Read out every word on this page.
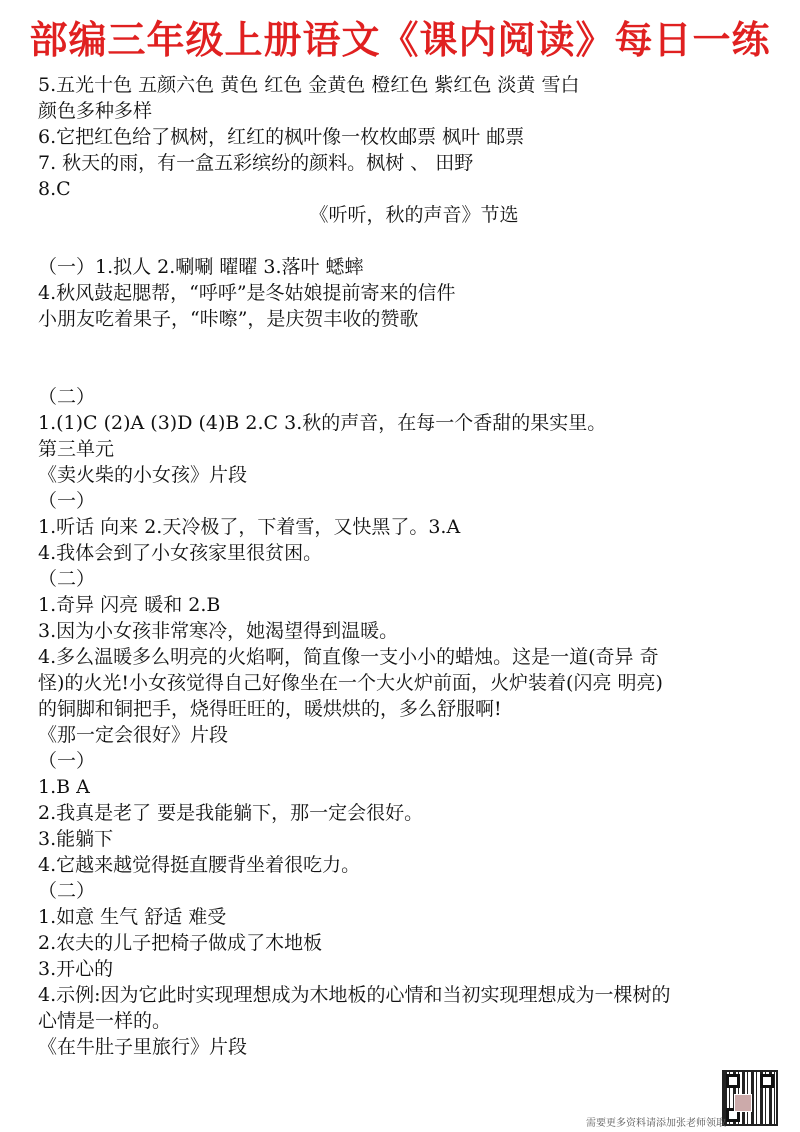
部编三年级上册语文《课内阅读》每日一练
5.五光十色 五颜六色 黄色 红色 金黄色 橙红色 紫红色 淡黄 雪白
颜色多种多样
6.它把红色给了枫树，红红的枫叶像一枚枚邮票 枫叶 邮票
7. 秋天的雨，有一盒五彩缤纷的颜料。枫树 、 田野
8.C
《听听，秋的声音》节选
（一）1.拟人 2.唰唰 曜曜 3.落叶 蟋蟀
4.秋风鼓起腮帮，“呼呼”是冬姑娘提前寄来的信件
小朋友吃着果子，“咔嚓”，是庆贺丰收的赞歌
（二）
1.(1)C (2)A (3)D (4)B 2.C 3.秋的声音，在每一个香甜的果实里。
第三单元
《卖火柴的小女孩》片段
（一）
1.听话 向来 2.天冷极了，下着雪，又快黑了。3.A
4.我体会到了小女孩家里很贫困。
（二）
1.奇异 闪亮 暖和 2.B
3.因为小女孩非常寒冷，她渴望得到温暖。
4.多么温暖多么明亮的火焰啊，简直像一支小小的蜡烛。这是一道(奇异 奇
怪)的火光!小女孩觉得自己好像坐在一个大火炉前面，火炉装着(闪亮 明亮)
的铜脚和铜把手，烧得旺旺的，暖烘烘的，多么舒服啊!
《那一定会很好》片段
（一）
1.B A
2.我真是老了 要是我能躺下，那一定会很好。
3.能躺下
4.它越来越觉得挺直腰背坐着很吃力。
（二）
1.如意 生气 舒适 难受
2.农夫的儿子把椅子做成了木地板
3.开心的
4.示例:因为它此时实现理想成为木地板的心情和当初实现理想成为一棵树的
心情是一样的。
《在牛肚子里旅行》片段
需要更多资料请添加张老师领取
